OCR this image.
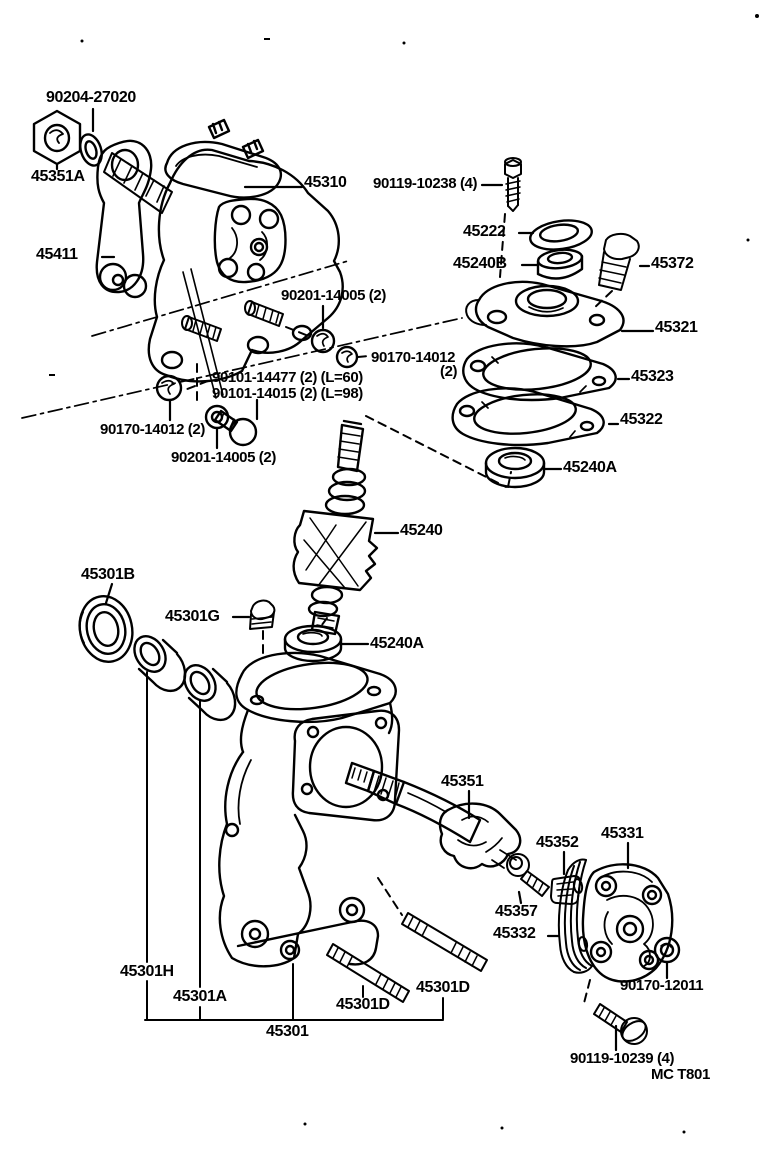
90204-27020
45351A	45310 90119-10238 (4)
45222
45240B	45372
45321
45323
45322
90201-14005 (2)
90170-14012
(2)
90101-14477 (2) (L=60)
90101-14015 (2) (L=98)
90170-14012 (2)
90201-14005 (2)
45411
45240
45240A
45301B
45301G
45240A
45351
45352
45331
45357
45332
90170-12011
45301D
45301D
45301H
45301A
45301
90119-10239 (4)
MC T801
